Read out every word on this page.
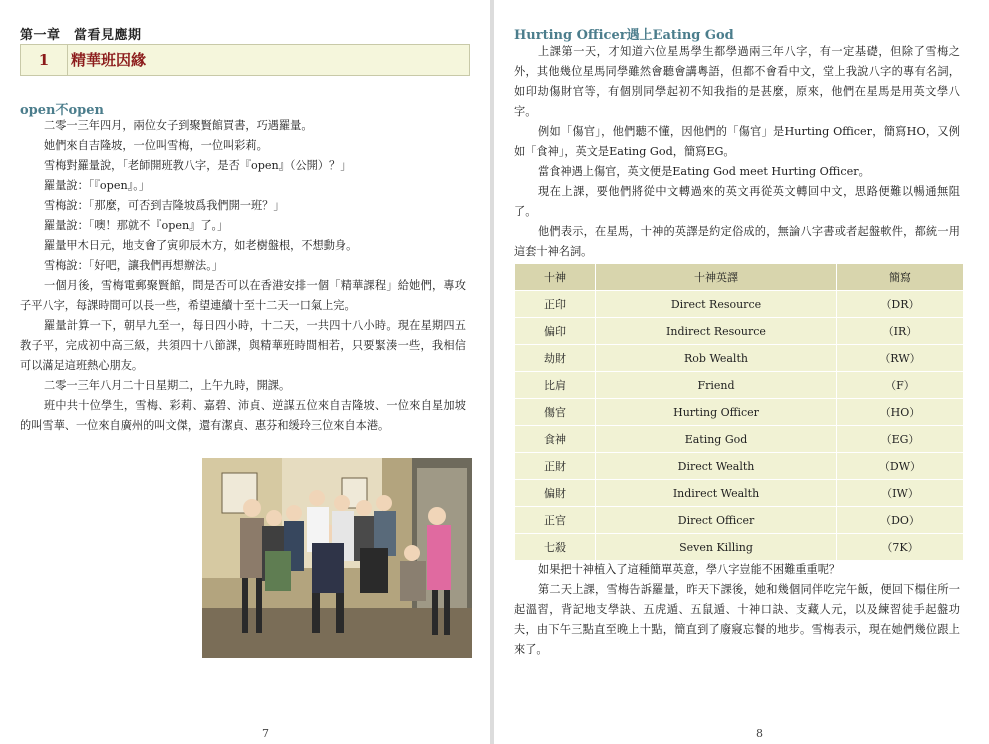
第一章　當看見應期
1	精華班因緣
open不open
二零一三年四月，兩位女子到聚賢館買書，巧遇羅量。
她們來自吉隆坡，一位叫雪梅，一位叫彩莉。
雪梅對羅量說，「老師開班教八字，是否『open』（公開）？」
羅量說：「『open』。」
雪梅說：「那麼，可否到吉隆坡爲我們開一班？」
羅量說：「噢！那就不『open』了。」
羅量甲木日元，地支會了寅卯辰木方，如老樹盤根，不想動身。
雪梅說：「好吧，讓我們再想辦法。」
一個月後，雪梅電郵聚賢館，問是否可以在香港安排一個「精華課程」給她們，專攻子平八字，每課時間可以長一些，希望連續十至十二天一口氣上完。
羅量計算一下，朝早九至一，每日四小時，十二天，一共四十八小時。現在星期四五教子平，完成初中高三級，共須四十八節課，與精華班時間相若，只要緊湊一些，我相信可以滿足這班熱心朋友。
二零一三年八月二十日星期二，上午九時，開課。
班中共十位學生，雪梅、彩莉、嘉碧、沛貞、逆謀五位來自吉隆坡、一位來自星加坡的叫雪華、一位來自廣州的叫文傑，還有潔貞、惠芬和缓玲三位來自本港。
7
Hurting Officer遇上Eating God
上課第一天，才知道六位星馬學生都學過兩三年八字，有一定基礎，但除了雪梅之外，其他幾位星馬同學雖然會聽會講粵語，但都不會看中文，堂上我說八字的專有名詞，如印劫傷財官等，有個別同學起初不知我指的是甚麼，原來，他們在星馬是用英文學八字。
例如「傷官」，他們聽不懂，因他們的「傷官」是Hurting Officer，簡寫HO，又例如「食神」，英文是Eating God，簡寫EG。
當食神遇上傷官，英文便是Eating God meet Hurting Officer。
現在上課，要他們將從中文轉過來的英文再從英文轉回中文，思路便難以暢通無阻了。
他們表示，在星馬，十神的英譯是約定俗成的，無論八字書或者起盤軟件，都統一用這套十神名詞。
十神	十神英譯	簡寫
正印	Direct Resource	（DR）
偏印	Indirect Resource	（IR）
劫財	Rob Wealth	（RW）
比肩	Friend	（F）
傷官	Hurting Officer	（HO）
食神	Eating God	（EG）
正財	Direct Wealth	（DW）
偏財	Indirect Wealth	（IW）
正官	Direct Officer	（DO）
七殺	Seven Killing	（7K）
如果把十神植入了這種簡單英意，學八字豈能不困難重重呢？
第二天上課，雪梅告訴羅量，昨天下課後，她和幾個同伴吃完午飯，便回下榻住所一起溫習，背記地支學訣、五虎遁、五鼠遁、十神口訣、支藏人元，以及練習徒手起盤功夫，由下午三點直至晚上十點，簡直到了廢寢忘餐的地步。雪梅表示，現在她們幾位跟上來了。
8
